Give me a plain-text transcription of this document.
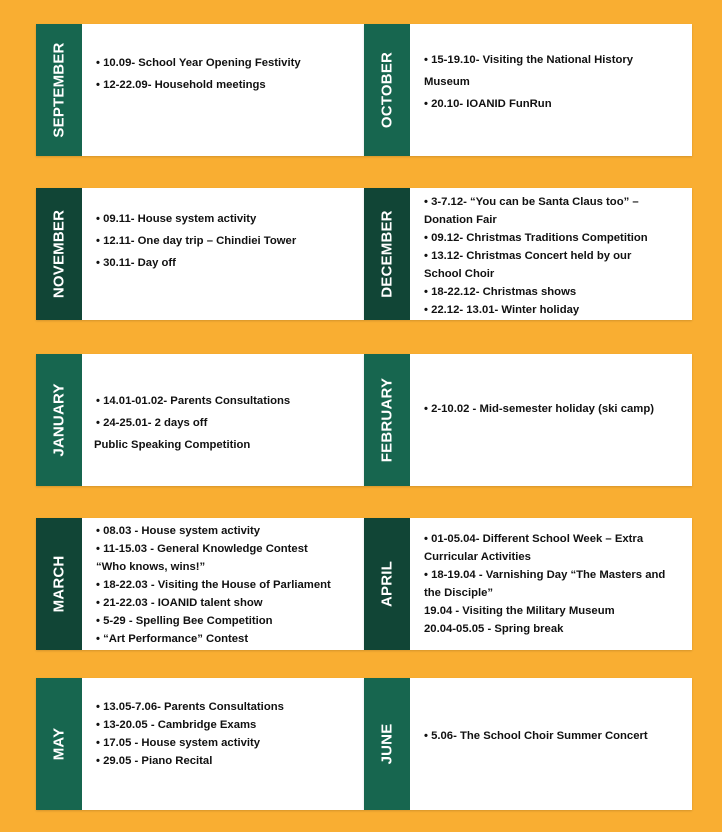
SEPTEMBER	• 10.09- School Year Opening Festivity
• 12-22.09- Household meetings	OCTOBER	• 15-19.10- Visiting the National History
Museum
• 20.10- IOANID FunRun
NOVEMBER	• 09.11- House system activity
• 12.11- One day trip – Chindiei Tower
• 30.11- Day off	DECEMBER
• 3-7.12- “You can be Santa Claus too” –
Donation Fair
• 09.12- Christmas Traditions Competition
• 13.12- Christmas Concert held by our
School Choir
• 18-22.12- Christmas shows
• 22.12- 13.01- Winter holiday
JANUARY	• 14.01-01.02- Parents Consultations
• 24-25.01- 2 days off
Public Speaking Competition	FEBRUARY	• 2-10.02 - Mid-semester holiday (ski camp)
MARCH
• 08.03 - House system activity
• 11-15.03 - General Knowledge Contest
“Who knows, wins!”
• 18-22.03 - Visiting the House of Parliament
• 21-22.03 - IOANID talent show
• 5-29 - Spelling Bee Competition
• “Art Performance” Contest
APRIL
• 01-05.04- Different School Week – Extra
Curricular Activities
• 18-19.04 - Varnishing Day “The Masters and
the Disciple”
19.04 - Visiting the Military Museum
20.04-05.05 - Spring break
MAY
• 13.05-7.06- Parents Consultations
• 13-20.05 - Cambridge Exams
• 17.05 - House system activity
• 29.05 - Piano Recital	JUNE	• 5.06- The School Choir Summer Concert
